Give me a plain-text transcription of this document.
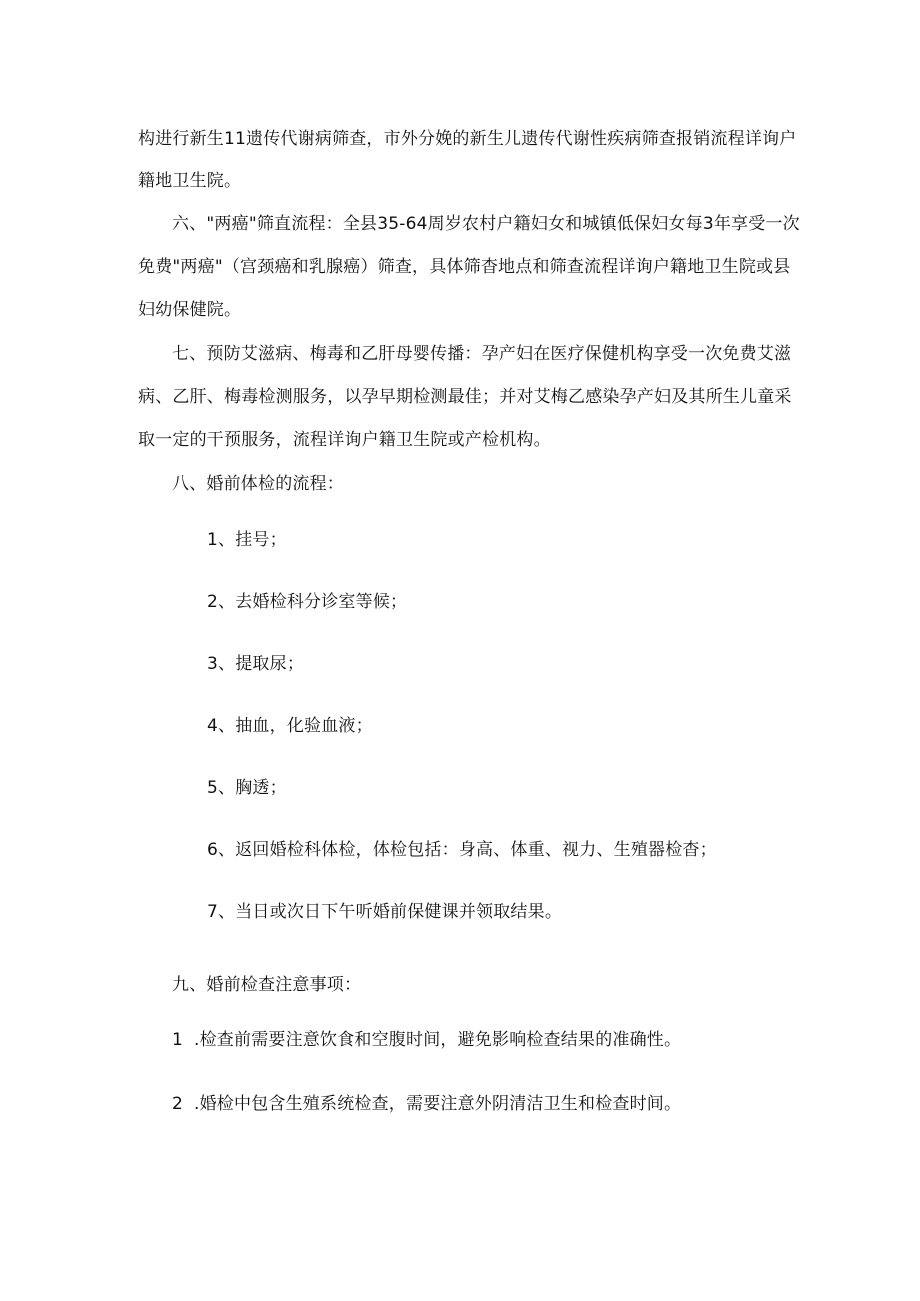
构进行新生11遗传代谢病筛查，市外分娩的新生儿遗传代谢性疾病筛查报销流程详询户
籍地卫生院。
六、"两癌"筛直流程：全县35-64周岁农村户籍妇女和城镇低保妇女每3年享受一次
免费"两癌"（宫颈癌和乳腺癌）筛查，具体筛杳地点和筛查流程详询户籍地卫生院或县
妇幼保健院。
七、预防艾滋病、梅毒和乙肝母婴传播：孕产妇在医疗保健机构享受一次免费艾滋
病、乙肝、梅毒检测服务，以孕早期检测最佳；并对艾梅乙感染孕产妇及其所生儿童采
取一定的干预服务，流程详询户籍卫生院或产检机构。
八、婚前体检的流程：
1、挂号；
2、去婚检科分诊室等候；
3、提取尿；
4、抽血，化验血液；
5、胸透；
6、返回婚检科体检，体检包括：身高、体重、视力、生殖器检杳；
7、当日或次日下午听婚前保健课并领取结果。
九、婚前检查注意事项：
1 .检查前需要注意饮食和空腹时间，避免影响检查结果的准确性。
2 .婚检中包含生殖系统检查，需要注意外阴清洁卫生和检查时间。
